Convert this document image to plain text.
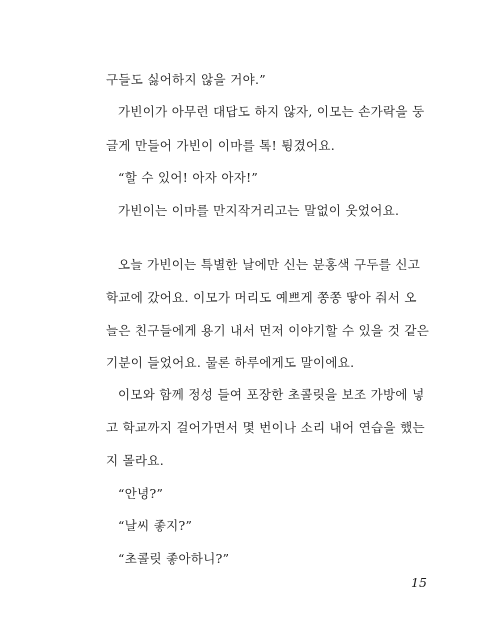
구들도 싫어하지 않을 거야.”
가빈이가 아무런 대답도 하지 않자, 이모는 손가락을 둥
글게 만들어 가빈이 이마를 톡! 튕겼어요.
“할 수 있어! 아자 아자!”
가빈이는 이마를 만지작거리고는 말없이 웃었어요.
오늘 가빈이는 특별한 날에만 신는 분홍색 구두를 신고
학교에 갔어요. 이모가 머리도 예쁘게 쫑쫑 땋아 줘서 오
늘은 친구들에게 용기 내서 먼저 이야기할 수 있을 것 같은
기분이 들었어요. 물론 하루에게도 말이에요.
이모와 함께 정성 들여 포장한 초콜릿을 보조 가방에 넣
고 학교까지 걸어가면서 몇 번이나 소리 내어 연습을 했는
지 몰라요.
“안녕?”
“날씨 좋지?”
“초콜릿 좋아하니?”
15
